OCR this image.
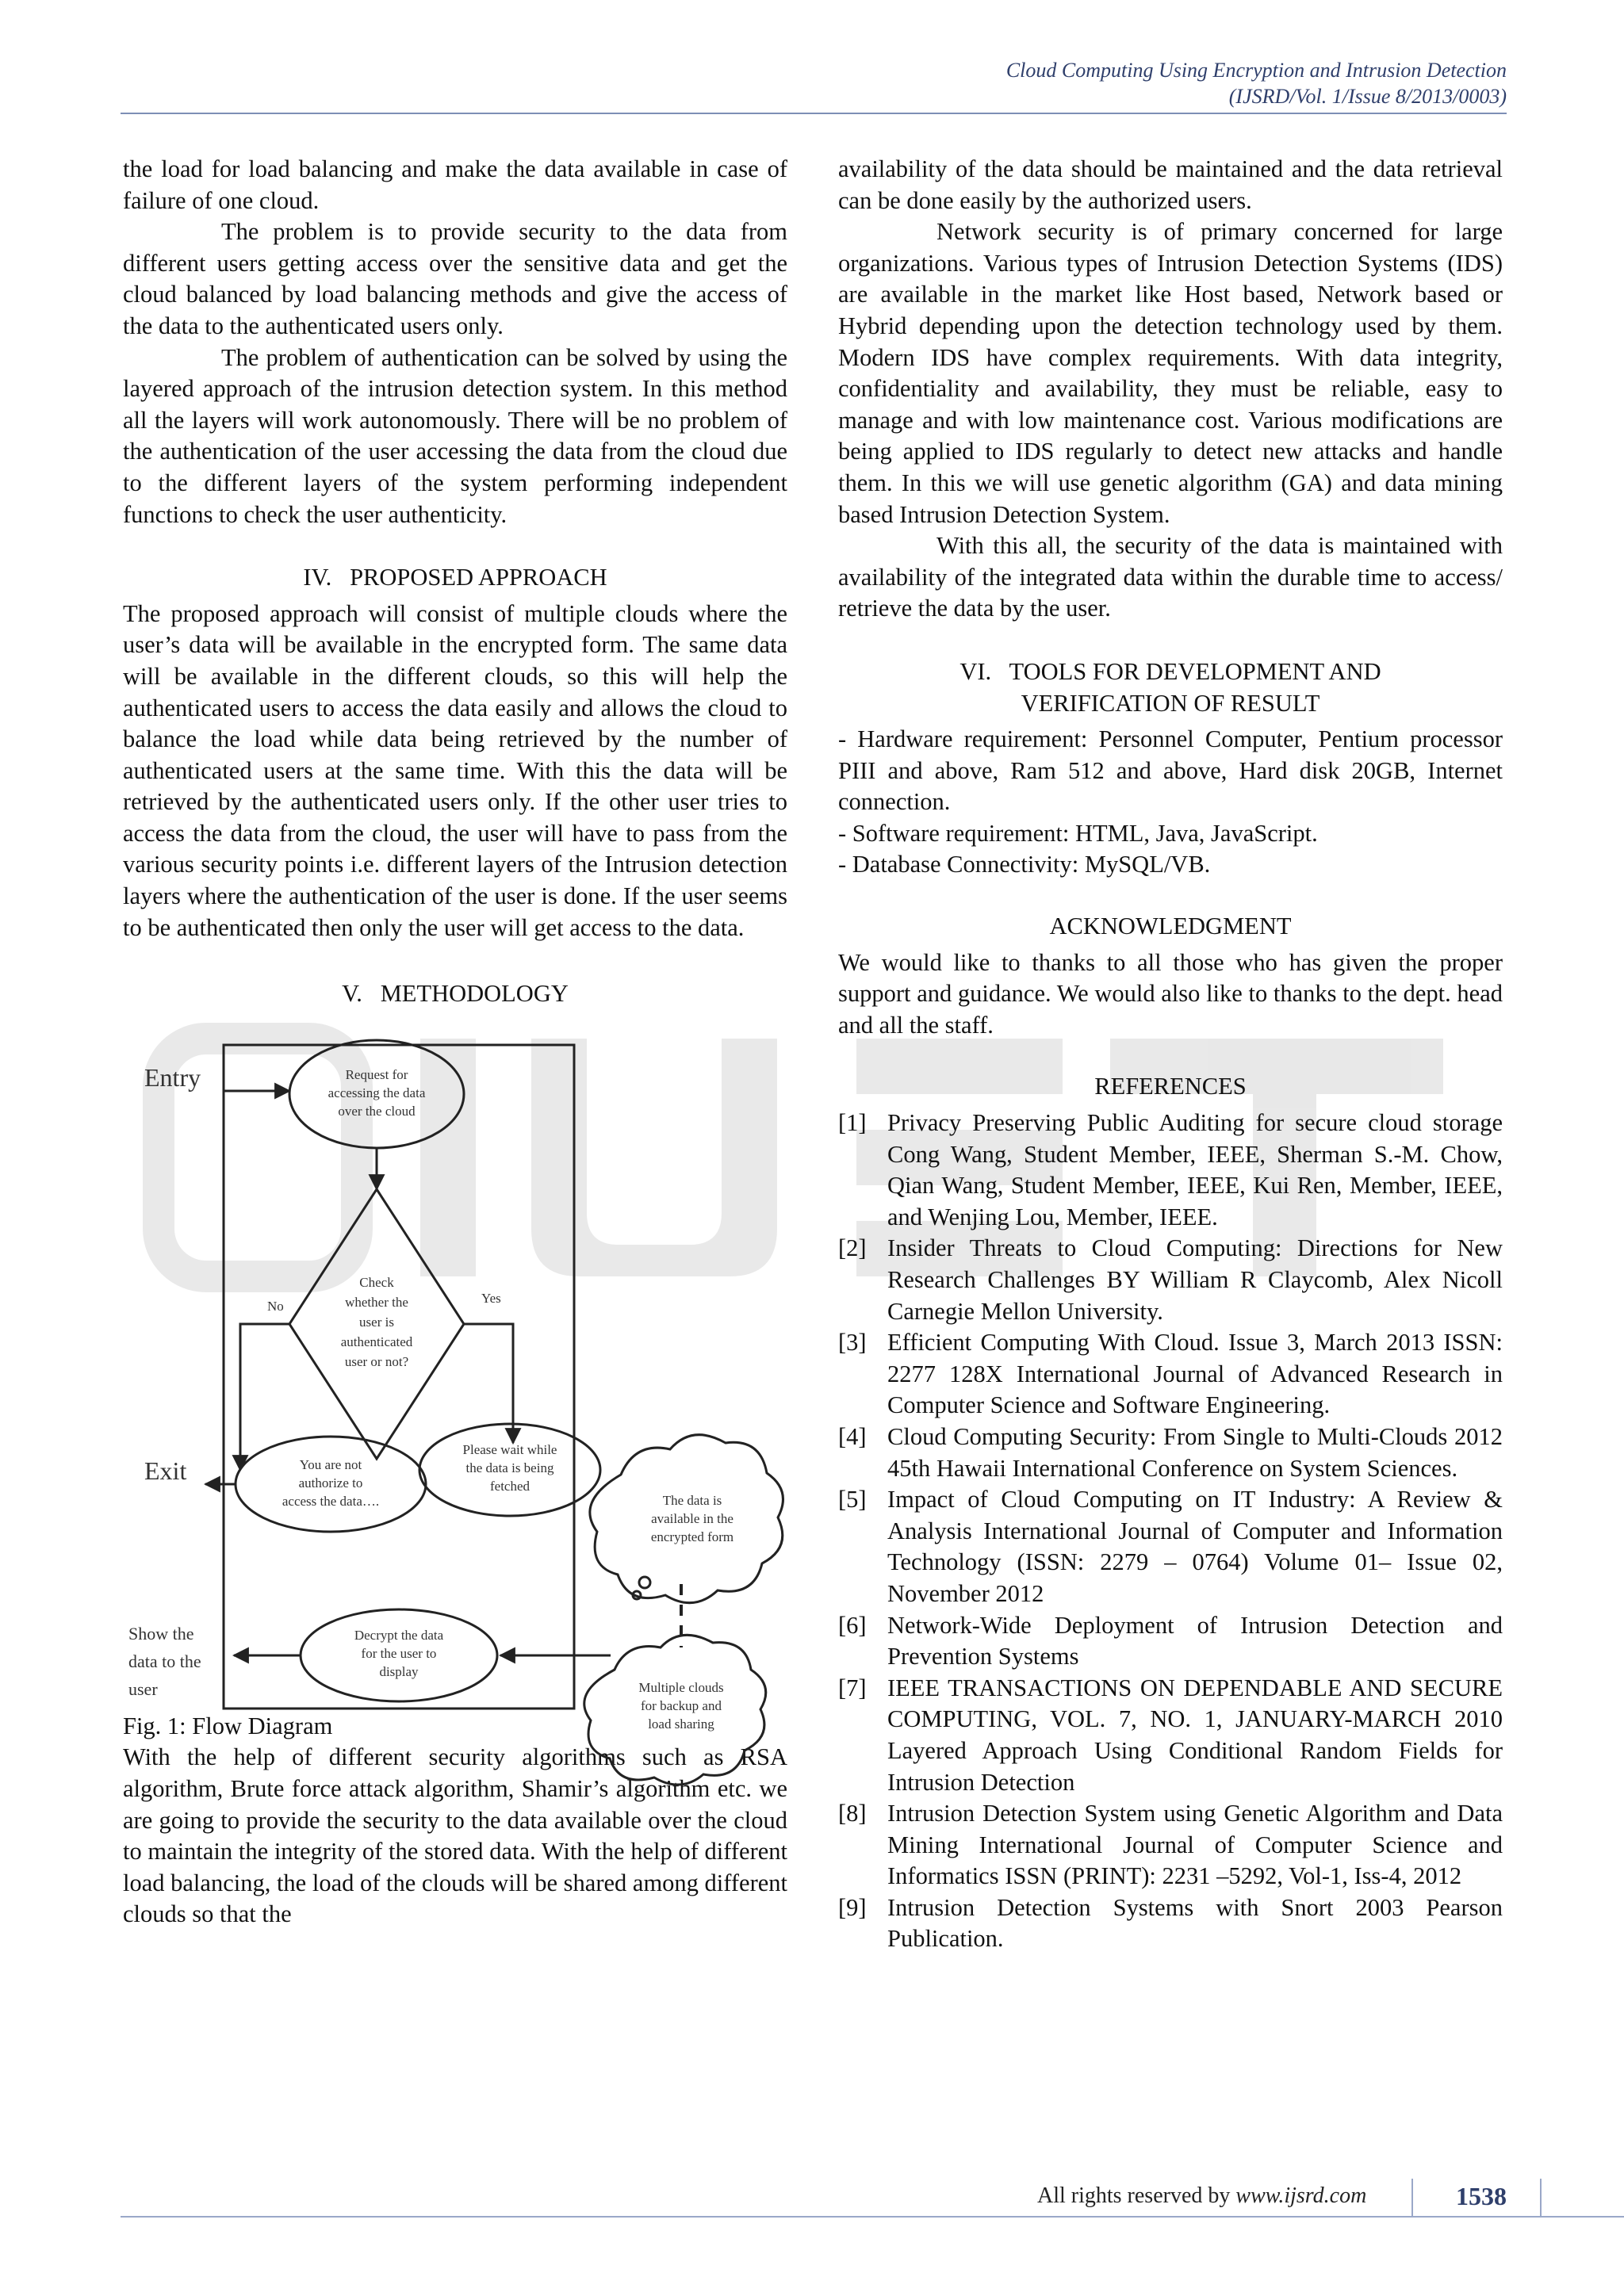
Cloud Computing Using Encryption and Intrusion Detection
(IJSRD/Vol. 1/Issue 8/2013/0003)

the load for load balancing and make the data available in case of failure of one cloud.

The problem is to provide security to the data from different users getting access over the sensitive data and get the cloud balanced by load balancing methods and give the access of the data to the authenticated users only.

The problem of authentication can be solved by using the layered approach of the intrusion detection system. In this method all the layers will work autonomously. There will be no problem of the authentication of the user accessing the data from the cloud due to the different layers of the system performing independent functions to check the user authenticity.

IV.   PROPOSED APPROACH

The proposed approach will consist of multiple clouds where the user’s data will be available in the encrypted form. The same data will be available in the different clouds, so this will help the authenticated users to access the data easily and allows the cloud to balance the load while data being retrieved by the number of authenticated users at the same time. With this the data will be retrieved by the authenticated users only. If the other user tries to access the data from the cloud, the user will have to pass from the various security points i.e. different layers of the Intrusion detection layers where the authentication of the user is done. If the user seems to be authenticated then only the user will get access to the data.

V.   METHODOLOGY
Entry
Exit
Show the
data to the
user
Request for
accessing the data
over the cloud
Check
whether the
user is
authenticated
user or not?
No
Yes
You are not
authorize to
access the data….
Please wait while
the data is being
fetched
The data is
available in the
encrypted form
Multiple clouds
for backup and
load sharing
Decrypt the data
for the user to
display

Fig. 1: Flow Diagram

With the help of different security algorithms such as RSA algorithm, Brute force attack algorithm, Shamir’s algorithm etc. we are going to provide the security to the data available over the cloud to maintain the integrity of the stored data. With the help of different load balancing, the load of the clouds will be shared among different clouds so that the

availability of the data should be maintained and the data retrieval can be done easily by the authorized users.

Network security is of primary concerned for large organizations. Various types of Intrusion Detection Systems (IDS) are available in the market like Host based, Network based or Hybrid depending upon the detection technology used by them. Modern IDS have complex requirements. With data integrity, confidentiality and availability, they must be reliable, easy to manage and with low maintenance cost. Various modifications are being applied to IDS regularly to detect new attacks and handle them. In this we will use genetic algorithm (GA) and data mining based Intrusion Detection System.

With this all, the security of the data is maintained with availability of the integrated data within the durable time to access/ retrieve the data by the user.

VI.   TOOLS FOR DEVELOPMENT AND
VERIFICATION OF RESULT

- Hardware requirement: Personnel Computer, Pentium processor PIII and above, Ram 512 and above, Hard disk 20GB, Internet connection.

- Software requirement: HTML, Java, JavaScript.

- Database Connectivity: MySQL/VB.

ACKNOWLEDGMENT

We would like to thanks to all those who has given the proper support and guidance. We would also like to thanks to the dept. head and all the staff.

REFERENCES
[1] Privacy Preserving Public Auditing for secure cloud storage Cong Wang, Student Member, IEEE, Sherman S.-M. Chow, Qian Wang, Student Member, IEEE, Kui Ren, Member, IEEE, and Wenjing Lou, Member, IEEE.
[2] Insider Threats to Cloud Computing: Directions for New Research Challenges BY William R Claycomb, Alex Nicoll Carnegie Mellon University.
[3] Efficient Computing With Cloud. Issue 3, March 2013 ISSN: 2277 128X International Journal of Advanced Research in Computer Science and Software Engineering.
[4] Cloud Computing Security: From Single to Multi-Clouds 2012 45th Hawaii International Conference on System Sciences.
[5] Impact of Cloud Computing on IT Industry: A Review & Analysis International Journal of Computer and Information Technology (ISSN: 2279 – 0764) Volume 01– Issue 02, November 2012
[6] Network-Wide Deployment of Intrusion Detection and Prevention Systems
[7] IEEE TRANSACTIONS ON DEPENDABLE AND SECURE COMPUTING, VOL. 7, NO. 1, JANUARY-MARCH 2010 Layered Approach Using Conditional Random Fields for Intrusion Detection
[8] Intrusion Detection System using Genetic Algorithm and Data Mining International Journal of Computer Science and Informatics ISSN (PRINT): 2231 –5292, Vol-1, Iss-4, 2012
[9] Intrusion Detection Systems with Snort 2003 Pearson Publication.
All rights reserved by www.ijsrd.com	1538
